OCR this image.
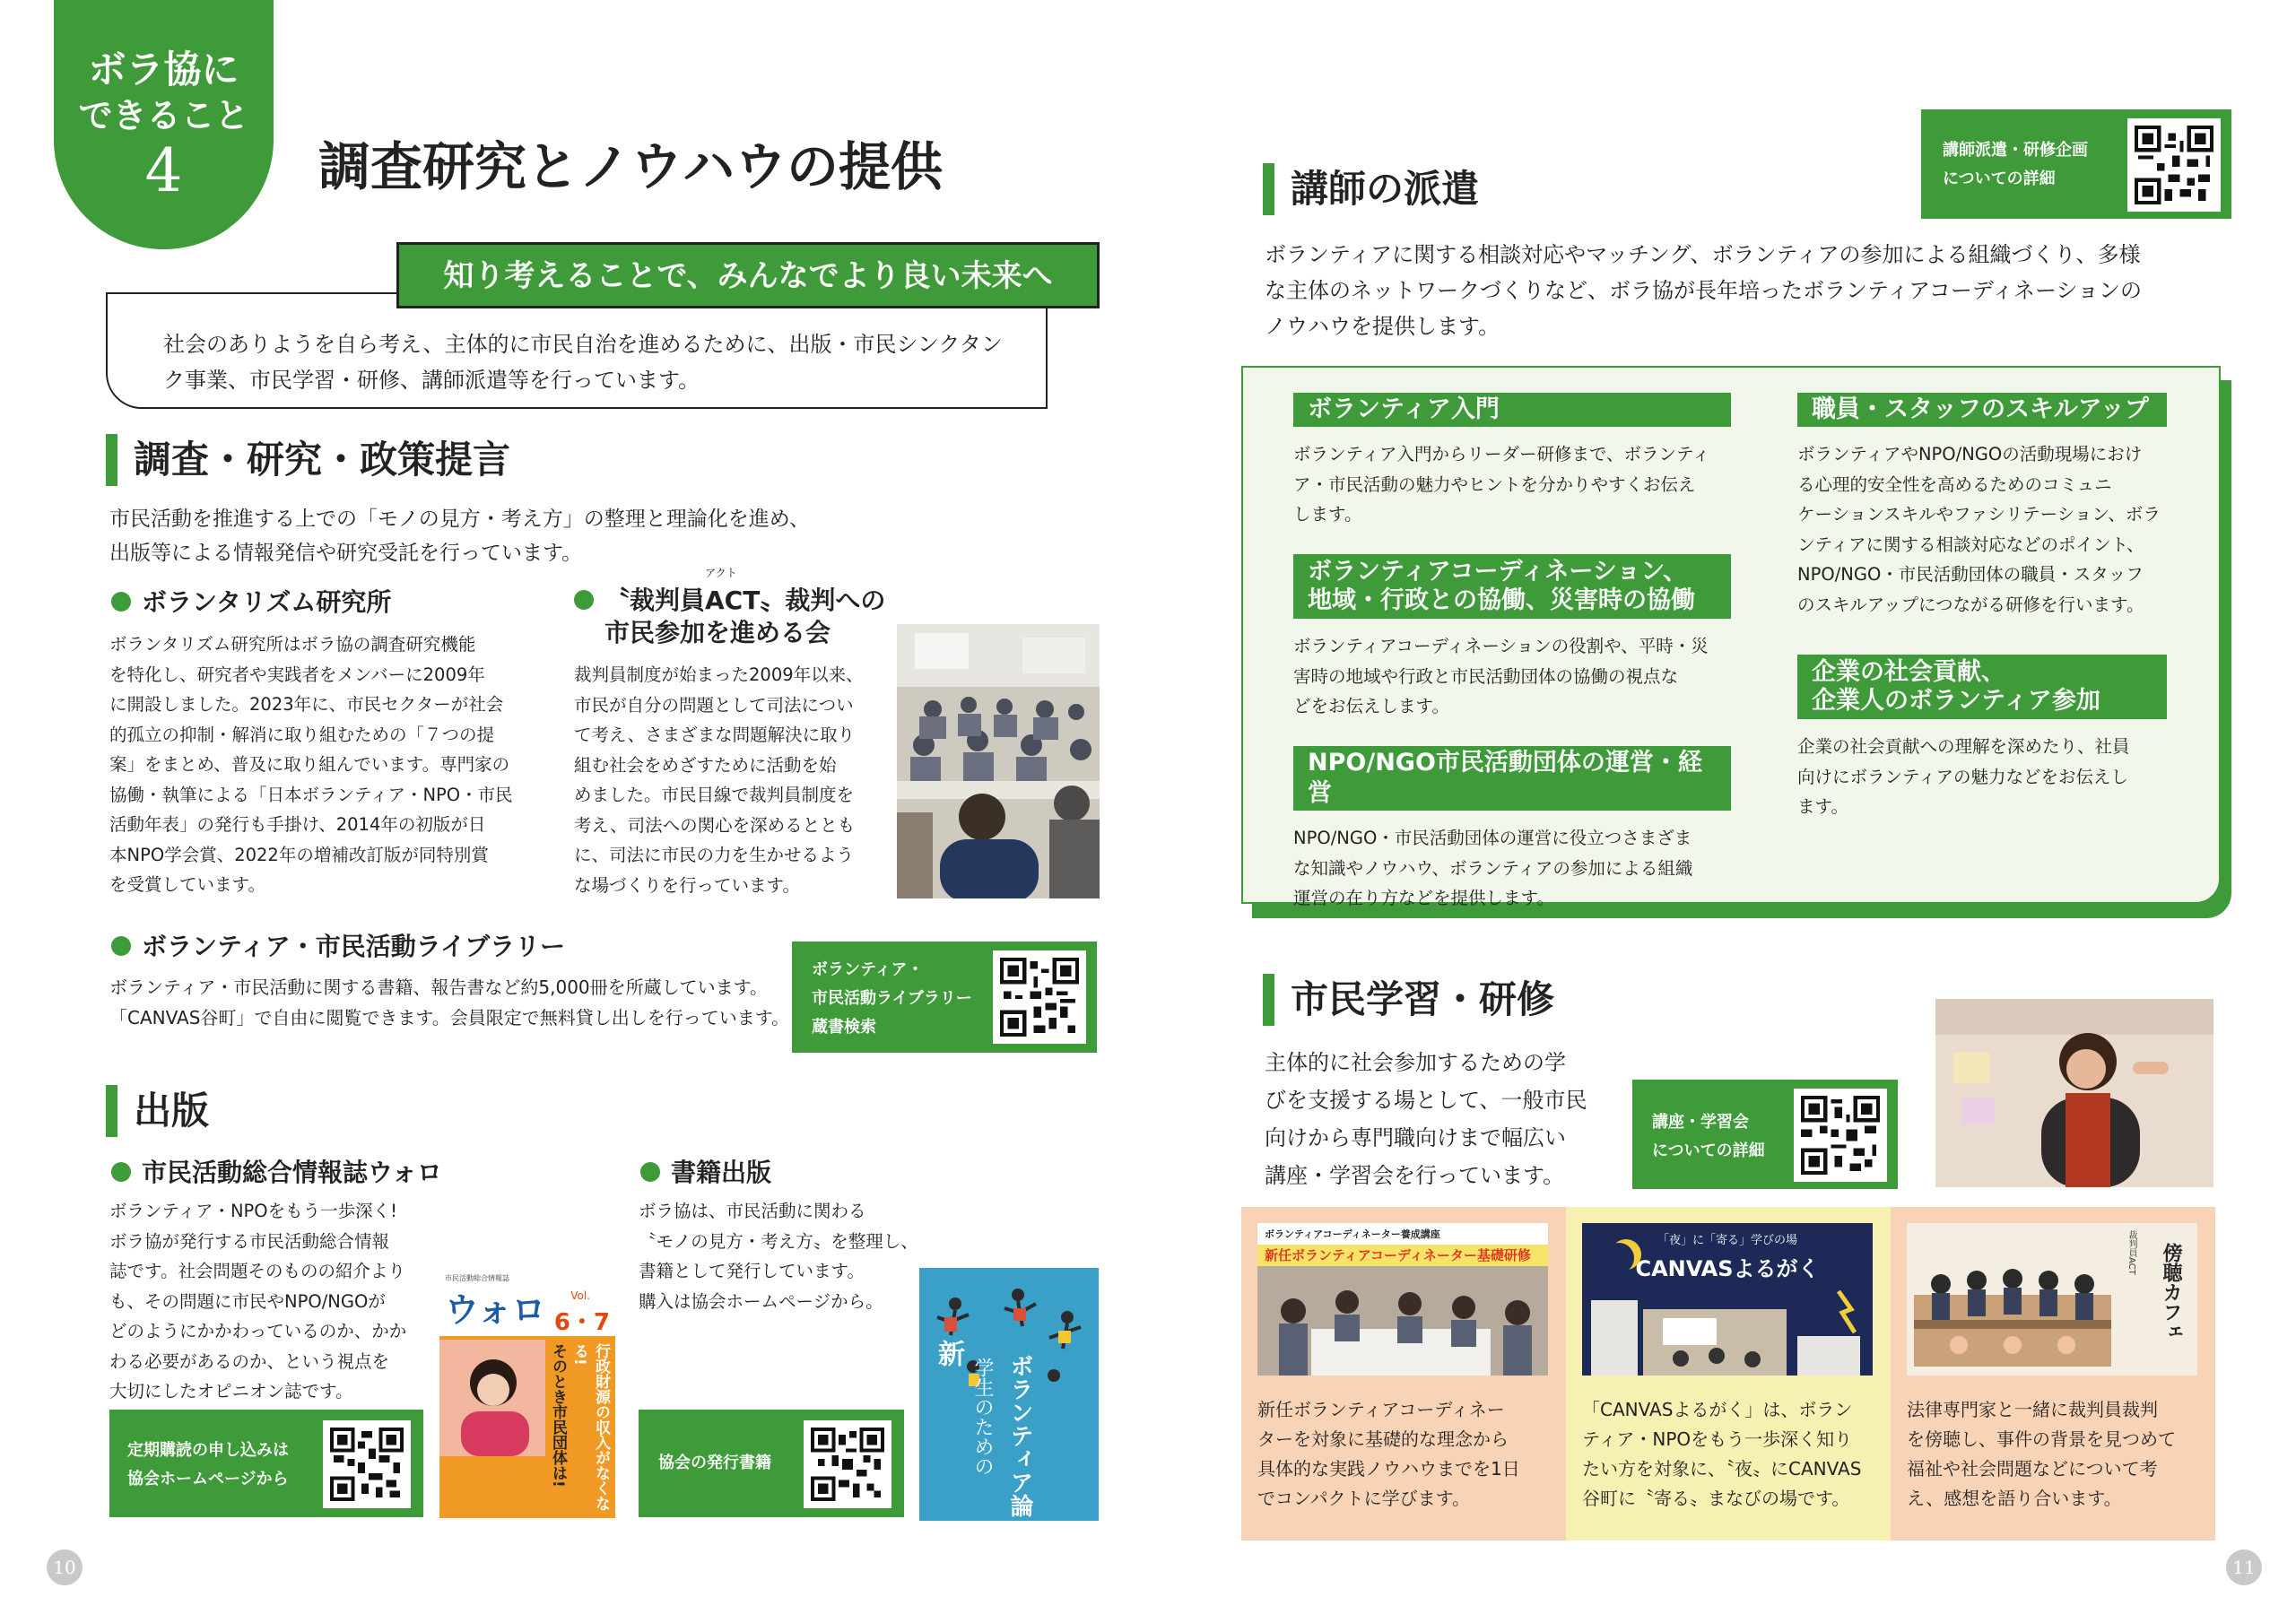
ボラ協に
できること
4	調査研究とノウハウの提供
社会のありようを自ら考え、主体的に市民自治を進めるために、出版・市民シンクタン
ク事業、市民学習・研修、講師派遣等を行っています。
知り考えることで、みんなでより良い未来へ
調査・研究・政策提言
市民活動を推進する上での「モノの見方・考え方」の整理と理論化を進め、
出版等による情報発信や研究受託を行っています。
ボランタリズム研究所
ボランタリズム研究所はボラ協の調査研究機能
を特化し、研究者や実践者をメンバーに2009年
に開設しました。2023年に、市民セクターが社会
的孤立の抑制・解消に取り組むための「７つの提
案」をまとめ、普及に取り組んでいます。専門家の
協働・執筆による「日本ボランティア・NPO・市民
活動年表」の発行も手掛け、2014年の初版が日
本NPO学会賞、2022年の増補改訂版が同特別賞
を受賞しています。
アクト
〝裁判員ACT〟裁判への
市民参加を進める会
裁判員制度が始まった2009年以来、
市民が自分の問題として司法につい
て考え、さまざまな問題解決に取り
組む社会をめざすために活動を始
めました。市民目線で裁判員制度を
考え、司法への関心を深めるととも
に、司法に市民の力を生かせるよう
な場づくりを行っています。
ボランティア・市民活動ライブラリー
ボランティア・市民活動に関する書籍、報告書など約5,000冊を所蔵しています。
「CANVAS谷町」で自由に閲覧できます。会員限定で無料貸し出しを行っています。
ボランティア・
市民活動ライブラリー
蔵書検索
出版
市民活動総合情報誌ウォロ
ボランティア・NPOをもう一歩深く!
ボラ協が発行する市民活動総合情報
誌です。社会問題そのものの紹介より
も、その問題に市民やNPO/NGOが
どのようにかかわっているのか、かか
わる必要があるのか、という視点を
大切にしたオピニオン誌です。
定期購読の申し込みは
協会ホームページから
市民活動総合情報誌
ウォロ Vol.
6・7
行政財源の収入がなくなる!
そのとき市民団体は!
書籍出版
ボラ協は、市民活動に関わる
〝モノの見方・考え方〟を整理し、
書籍として発行しています。
購入は協会ホームページから。
協会の発行書籍
新
学生のための ボランティア論
10
講師派遣・研修企画
についての詳細
講師の派遣
ボランティアに関する相談対応やマッチング、ボランティアの参加による組織づくり、多様
な主体のネットワークづくりなど、ボラ協が長年培ったボランティアコーディネーションの
ノウハウを提供します。
ボランティア入門
ボランティア入門からリーダー研修まで、ボランティ
ア・市民活動の魅力やヒントを分かりやすくお伝え
します。
ボランティアコーディネーション、
地域・行政との協働、災害時の協働
ボランティアコーディネーションの役割や、平時・災
害時の地域や行政と市民活動団体の協働の視点な
どをお伝えします。
NPO/NGO市民活動団体の運営・経営
NPO/NGO・市民活動団体の運営に役立つさまざま
な知識やノウハウ、ボランティアの参加による組織
運営の在り方などを提供します。
職員・スタッフのスキルアップ
ボランティアやNPO/NGOの活動現場におけ
る心理的安全性を高めるためのコミュニ
ケーションスキルやファシリテーション、ボラ
ンティアに関する相談対応などのポイント、
NPO/NGO・市民活動団体の職員・スタッフ
のスキルアップにつながる研修を行います。
企業の社会貢献、
企業人のボランティア参加
企業の社会貢献への理解を深めたり、社員
向けにボランティアの魅力などをお伝えし
ます。
市民学習・研修
主体的に社会参加するための学
びを支援する場として、一般市民
向けから専門職向けまで幅広い
講座・学習会を行っています。
講座・学習会
についての詳細
ボランティアコーディネーター養成講座
新任ボランティアコーディネーター基礎研修
新任ボランティアコーディネー
ターを対象に基礎的な理念から
具体的な実践ノウハウまでを1日
でコンパクトに学びます。
「夜」に「寄る」学びの場
CANVASよるがく
「CANVASよるがく」は、ボラン
ティア・NPOをもう一歩深く知り
たい方を対象に、〝夜〟にCANVAS
谷町に〝寄る〟まなびの場です。
裁判員ACT 傍聴カフェ
法律専門家と一緒に裁判員裁判
を傍聴し、事件の背景を見つめて
福祉や社会問題などについて考
え、感想を語り合います。
11
